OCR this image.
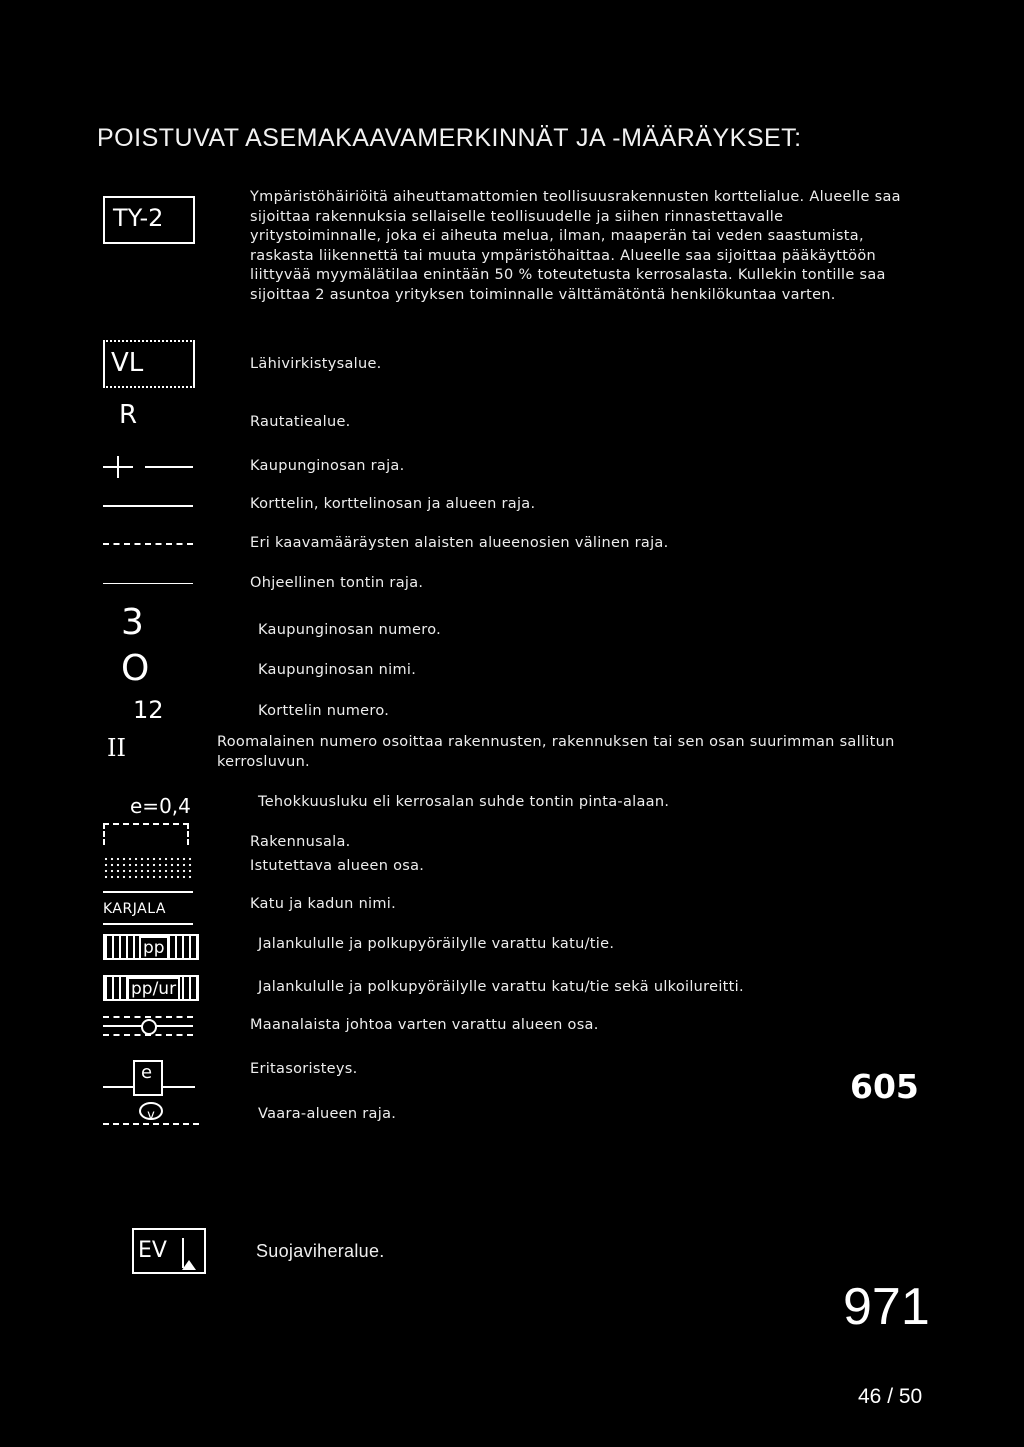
POISTUVAT ASEMAKAAVAMERKINNÄT JA -MÄÄRÄYKSET:
TY-2
Ympäristöhäiriöitä aiheuttamattomien teollisuusrakennusten korttelialue. Alueelle saa sijoittaa rakennuksia sellaiselle teollisuudelle ja siihen rinnastettavalle yritystoiminnalle, joka ei aiheuta melua, ilman, maaperän tai veden saastumista, raskasta liikennettä tai muuta ympäristöhaittaa. Alueelle saa sijoittaa pääkäyttöön liittyvää myymälätilaa enintään 50 % toteutetusta kerrosalasta. Kullekin tontille saa sijoittaa 2 asuntoa yrityksen toiminnalle välttämätöntä henkilökuntaa varten.
VL	Lähivirkistysalue.
R	Rautatiealue.
Kaupunginosan raja.
Korttelin, korttelinosan ja alueen raja.
Eri kaavamääräysten alaisten alueenosien välinen raja.
Ohjeellinen tontin raja.
3	Kaupunginosan numero.
O	Kaupunginosan nimi.
12	Korttelin numero.
II	Roomalainen numero osoittaa rakennusten, rakennuksen tai sen osan suurimman sallitun kerrosluvun.
e=0,4	Tehokkuusluku eli kerrosalan suhde tontin pinta-alaan.
Rakennusala.
Istutettava alueen osa.
KARJALA	Katu ja kadun nimi.
pp	Jalankululle ja polkupyöräilylle varattu katu/tie.
pp/ur	Jalankululle ja polkupyöräilylle varattu katu/tie sekä ulkoilureitti.
Maanalaista johtoa varten varattu alueen osa.
e	Eritasoristeys.
v	Vaara-alueen raja.
605
EV	Suojaviheralue.
971
46 / 50
